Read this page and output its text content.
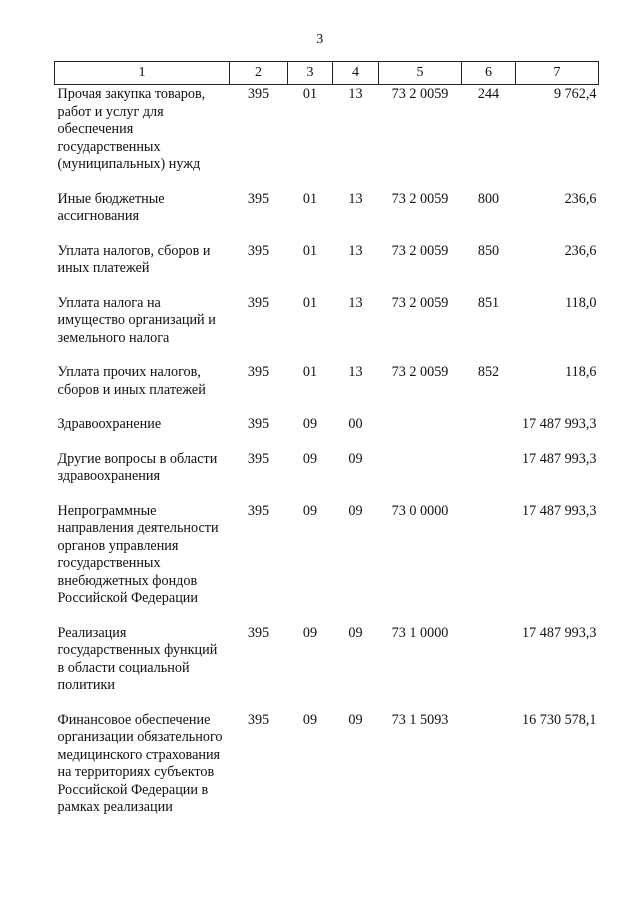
3
1	2	3	4	5	6	7
Прочая закупка товаров, работ и услуг для обеспечения государственных (муниципальных) нужд	395	01	13	73 2 0059	244	9 762,4
Иные бюджетные ассигнования	395	01	13	73 2 0059	800	236,6
Уплата налогов, сборов и иных платежей	395	01	13	73 2 0059	850	236,6
Уплата налога на имущество организаций и земельного налога	395	01	13	73 2 0059	851	118,0
Уплата прочих налогов, сборов и иных платежей	395	01	13	73 2 0059	852	118,6
Здравоохранение	395	09	00			17 487 993,3
Другие вопросы в области здравоохранения	395	09	09			17 487 993,3
Непрограммные направления деятельности органов управления государственных внебюджетных фондов Российской Федерации	395	09	09	73 0 0000		17 487 993,3
Реализация государственных функций в области социальной политики	395	09	09	73 1 0000		17 487 993,3
Финансовое обеспечение организации обязательного медицинского страхования на территориях субъектов Российской Федерации в рамках реализации	395	09	09	73 1 5093		16 730 578,1
